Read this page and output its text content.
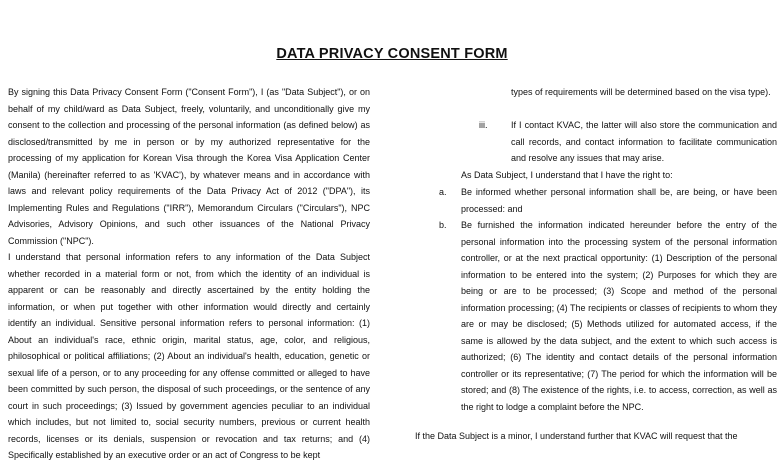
DATA PRIVACY CONSENT FORM

By signing this Data Privacy Consent Form ("Consent Form"), I (as "Data Subject"), or on behalf of my child/ward as Data Subject, freely, voluntarily, and unconditionally give my consent to the collection and processing of the personal information (as defined below) as disclosed/transmitted by me in person or by my authorized representative for the processing of my application for Korean Visa through the Korea Visa Application Center (Manila) (hereinafter referred to as 'KVAC'), by whatever means and in accordance with laws and relevant policy requirements of the Data Privacy Act of 2012 ("DPA"), its Implementing Rules and Regulations ("IRR"), Memorandum Circulars ("Circulars"), NPC Advisories, Advisory Opinions, and such other issuances of the National Privacy Commission ("NPC").

I understand that personal information refers to any information of the Data Subject whether recorded in a material form or not, from which the identity of an individual is apparent or can be reasonably and directly ascertained by the entity holding the information, or when put together with other information would directly and certainly identify an individual. Sensitive personal information refers to personal information: (1) About an individual's race, ethnic origin, marital status, age, color, and religious, philosophical or political affiliations; (2) About an individual's health, education, genetic or sexual life of a person, or to any proceeding for any offense committed or alleged to have been committed by such person, the disposal of such proceedings, or the sentence of any court in such proceedings; (3) Issued by government agencies peculiar to an individual which includes, but not limited to, social security numbers, previous or current health records, licenses or its denials, suspension or revocation and tax returns; and (4) Specifically established by an executive order or an act of Congress to be kept

types of requirements will be determined based on the visa type).

iii.	If I contact KVAC, the latter will also store the communication and call records, and contact information to facilitate communication and resolve any issues that may arise.

As Data Subject, I understand that I have the right to:

a. Be informed whether personal information shall be, are being, or have been processed: and

b. Be furnished the information indicated hereunder before the entry of the personal information into the processing system of the personal information controller, or at the next practical opportunity: (1) Description of the personal information to be entered into the system; (2) Purposes for which they are being or are to be processed; (3) Scope and method of the personal information processing; (4) The recipients or classes of recipients to whom they are or may be disclosed; (5) Methods utilized for automated access, if the same is allowed by the data subject, and the extent to which such access is authorized; (6) The identity and contact details of the personal information controller or its representative; (7) The period for which the information will be stored; and (8) The existence of the rights, i.e. to access, correction, as well as the right to lodge a complaint before the NPC.

If the Data Subject is a minor, I understand further that KVAC will request that the
